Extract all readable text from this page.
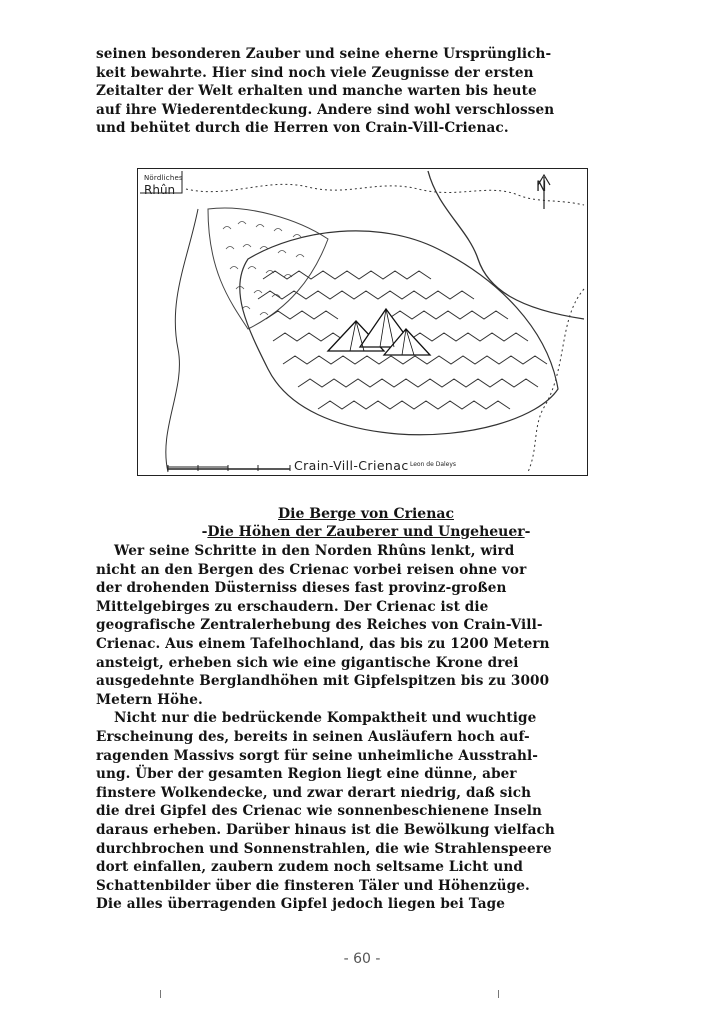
seinen besonderen Zauber und seine eherne Ursprünglich-
keit bewahrte. Hier sind noch viele Zeugnisse der ersten
Zeitalter der Welt erhalten und manche warten bis heute
auf ihre Wiederentdeckung. Andere sind wohl verschlossen
und behütet durch die Herren von Crain-Vill-Crienac.

Nördliches
Rhûn	N
Crain-Vill-Crienac Leon de Daleys

Die Berge von Crienac

-Die Höhen der Zauberer und Ungeheuer-

Wer seine Schritte in den Norden Rhûns lenkt, wird
nicht an den Bergen des Crienac vorbei reisen ohne vor
der drohenden Düsterniss dieses fast provinz-großen
Mittelgebirges zu erschaudern. Der Crienac ist die
geografische Zentralerhebung des Reiches von Crain-Vill-
Crienac. Aus einem Tafelhochland, das bis zu 1200 Metern
ansteigt, erheben sich wie eine gigantische Krone drei
ausgedehnte Berglandhöhen mit Gipfelspitzen bis zu 3000
Metern Höhe.
Nicht nur die bedrückende Kompaktheit und wuchtige
Erscheinung des, bereits in seinen Ausläufern hoch auf-
ragenden Massivs sorgt für seine unheimliche Ausstrahl-
ung. Über der gesamten Region liegt eine dünne, aber
finstere Wolkendecke, und zwar derart niedrig, daß sich
die drei Gipfel des Crienac wie sonnenbeschienene Inseln
daraus erheben. Darüber hinaus ist die Bewölkung vielfach
durchbrochen und Sonnenstrahlen, die wie Strahlenspeere
dort einfallen, zaubern zudem noch seltsame Licht und
Schattenbilder über die finsteren Täler und Höhenzüge.
Die alles überragenden Gipfel jedoch liegen bei Tage

- 60 -
